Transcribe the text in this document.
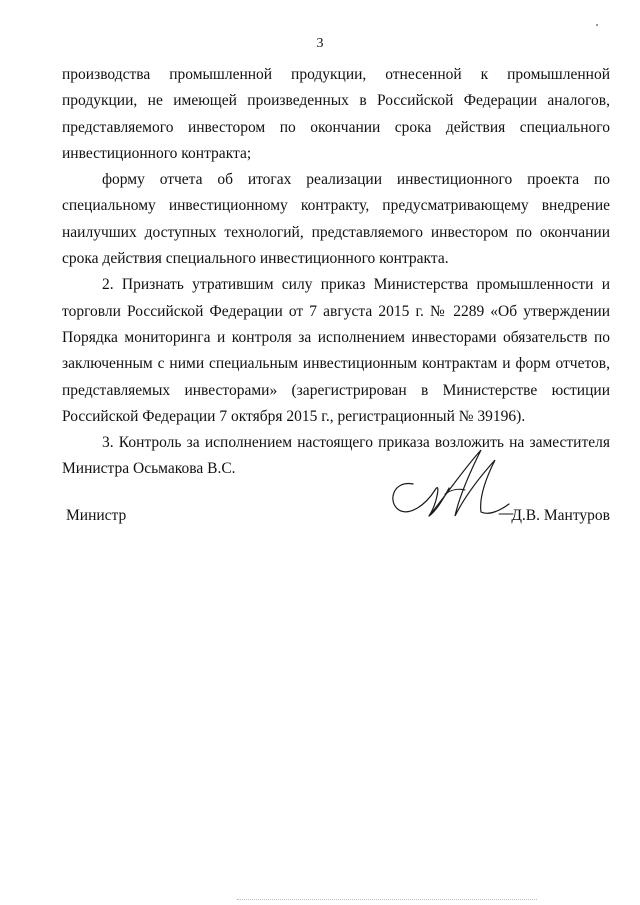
3

производства промышленной продукции, отнесенной к промышленной продукции, не имеющей произведенных в Российской Федерации аналогов, представляемого инвестором по окончании срока действия специального инвестиционного контракта;

форму отчета об итогах реализации инвестиционного проекта по специальному инвестиционному контракту, предусматривающему внедрение наилучших доступных технологий, представляемого инвестором по окончании срока действия специального инвестиционного контракта.

2. Признать утратившим силу приказ Министерства промышленности и торговли Российской Федерации от 7 августа 2015 г. № 2289 «Об утверждении Порядка мониторинга и контроля за исполнением инвесторами обязательств по заключенным с ними специальным инвестиционным контрактам и форм отчетов, представляемых инвесторами» (зарегистрирован в Министерстве юстиции Российской Федерации 7 октября 2015 г., регистрационный № 39196).

3. Контроль за исполнением настоящего приказа возложить на заместителя Министра Осьмакова В.С.

Министр	Д.В. Мантуров
